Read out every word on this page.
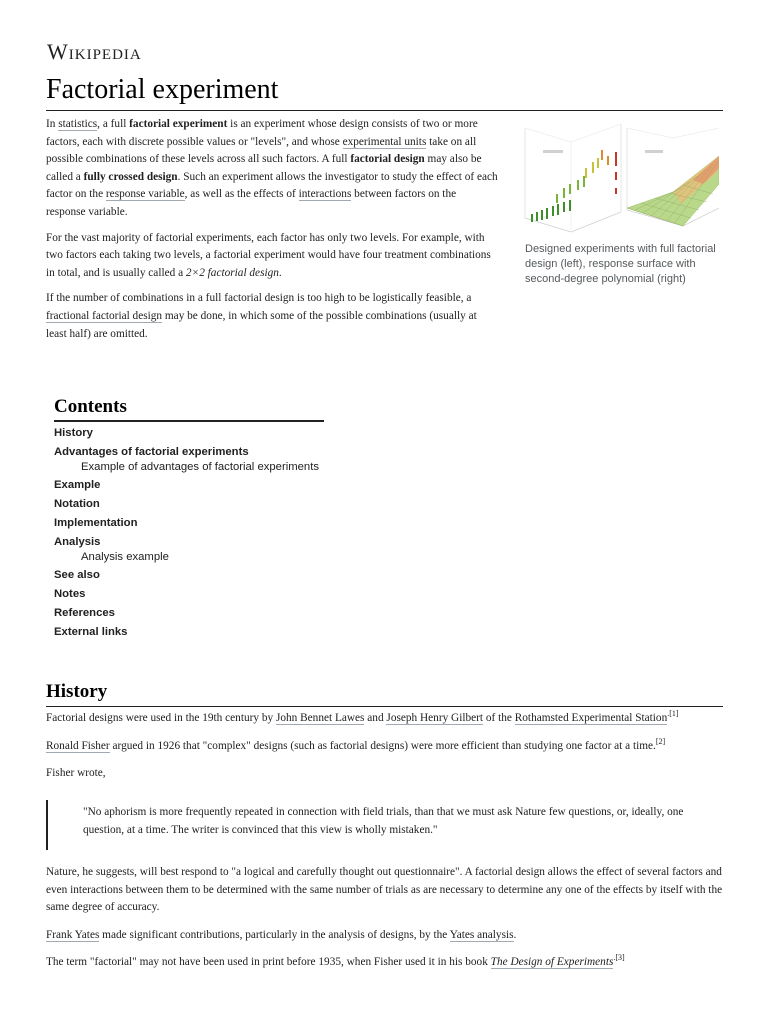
Wikipedia
Factorial experiment

In statistics, a full factorial experiment is an experiment whose design consists of two or more factors, each with discrete possible values or "levels", and whose experimental units take on all possible combinations of these levels across all such factors. A full factorial design may also be called a fully crossed design. Such an experiment allows the investigator to study the effect of each factor on the response variable, as well as the effects of interactions between factors on the response variable.

For the vast majority of factorial experiments, each factor has only two levels. For example, with two factors each taking two levels, a factorial experiment would have four treatment combinations in total, and is usually called a 2×2 factorial design.

If the number of combinations in a full factorial design is too high to be logistically feasible, a fractional factorial design may be done, in which some of the possible combinations (usually at least half) are omitted.

Designed experiments with full factorial design (left), response surface with second-degree polynomial (right)
Contents
History
Advantages of factorial experiments
Example of advantages of factorial experiments
Example
Notation
Implementation
Analysis
Analysis example
See also
Notes
References
External links
History

Factorial designs were used in the 19th century by John Bennet Lawes and Joseph Henry Gilbert of the Rothamsted Experimental Station$^{.[1]}$

Ronald Fisher argued in 1926 that "complex" designs (such as factorial designs) were more efficient than studying one factor at a time.[2]

Fisher wrote,

"No aphorism is more frequently repeated in connection with field trials, than that we must ask Nature few questions, or, ideally, one question, at a time. The writer is convinced that this view is wholly mistaken."

Nature, he suggests, will best respond to "a logical and carefully thought out questionnaire". A factorial design allows the effect of several factors and even interactions between them to be determined with the same number of trials as are necessary to determine any one of the effects by itself with the same degree of accuracy.

Frank Yates made significant contributions, particularly in the analysis of designs, by the Yates analysis.

The term "factorial" may not have been used in print before 1935, when Fisher used it in his book The Design of Experiments$^{.[3]}$
